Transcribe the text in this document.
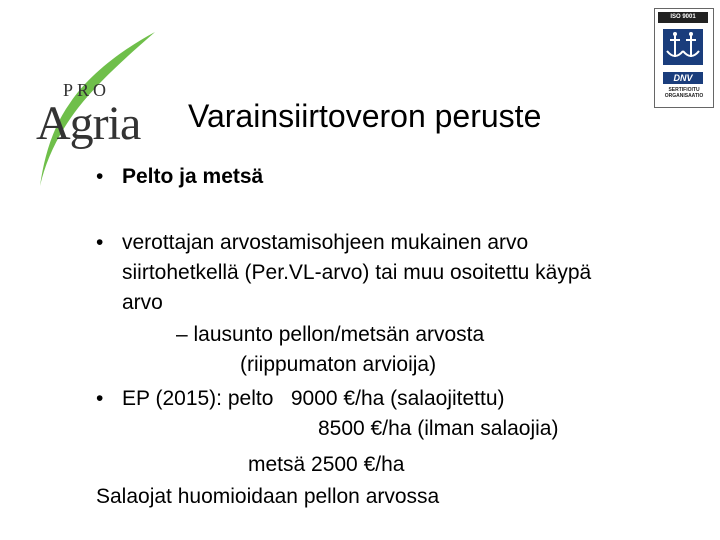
PRO
Agria
ISO 9001
DNV
SERTIFIOITU
ORGANISAATIO
Varainsiirtoveron peruste
• Pelto ja metsä
• verottajan arvostamisohjeen mukainen arvo
siirtohetkellä (Per.VL-arvo) tai muu osoitettu käypä
arvo
– lausunto pellon/metsän arvosta
(riippumaton arvioija)
• EP (2015): pelto   9000 €/ha (salaojitettu)
8500 €/ha (ilman salaojia)
metsä 2500 €/ha
Salaojat huomioidaan pellon arvossa
